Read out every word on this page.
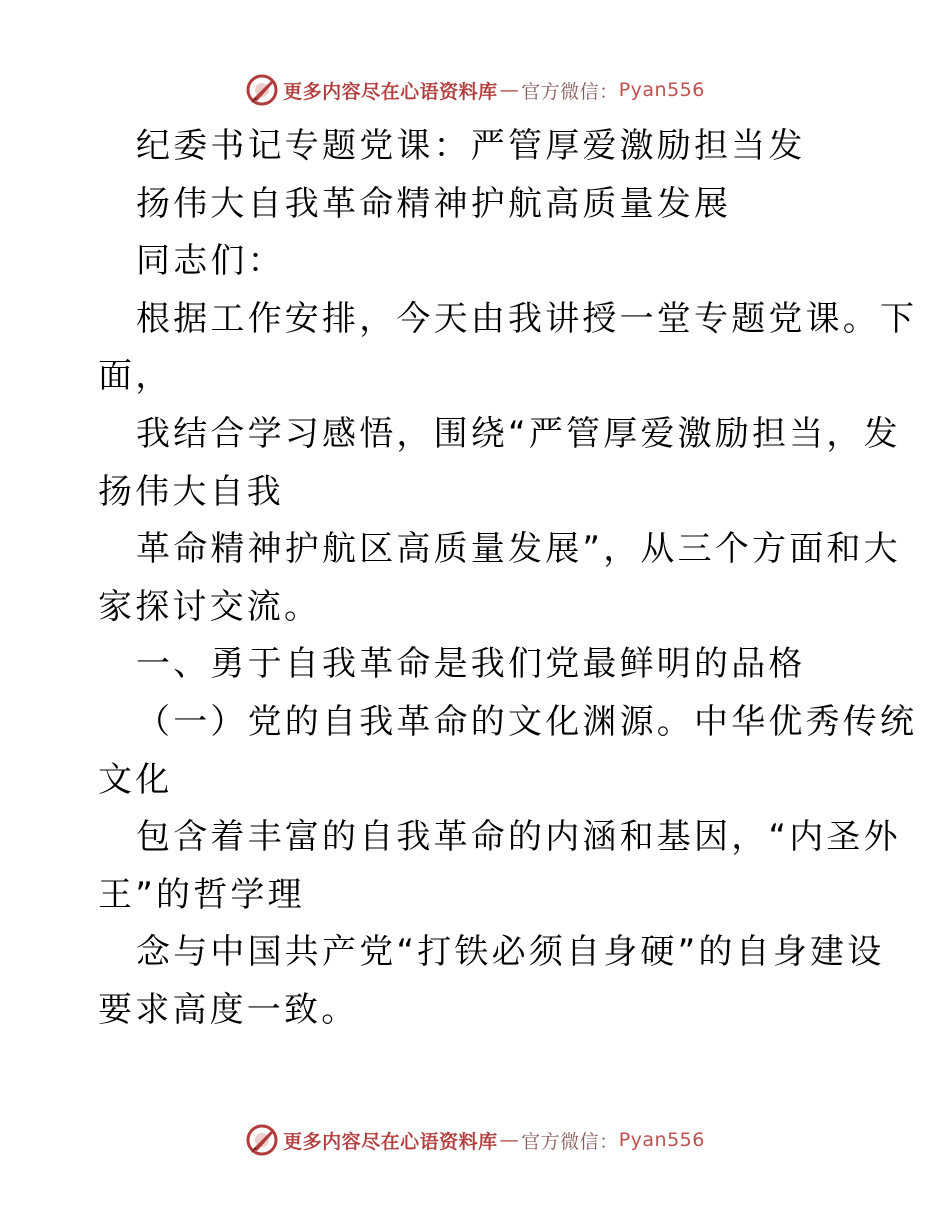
更多内容尽在心语资料库 — 官方微信： Pyan556
纪委书记专题党课：严管厚爱激励担当发
扬伟大自我革命精神护航高质量发展
同志们：
根据工作安排，今天由我讲授一堂专题党课。下
面，
我结合学习感悟，围绕“严管厚爱激励担当，发
扬伟大自我
革命精神护航区高质量发展”，从三个方面和大
家探讨交流。
一、勇于自我革命是我们党最鲜明的品格
（一）党的自我革命的文化渊源。中华优秀传统
文化
包含着丰富的自我革命的内涵和基因，“内圣外
王”的哲学理
念与中国共产党“打铁必须自身硬”的自身建设
要求高度一致。
更多内容尽在心语资料库 — 官方微信： Pyan556
